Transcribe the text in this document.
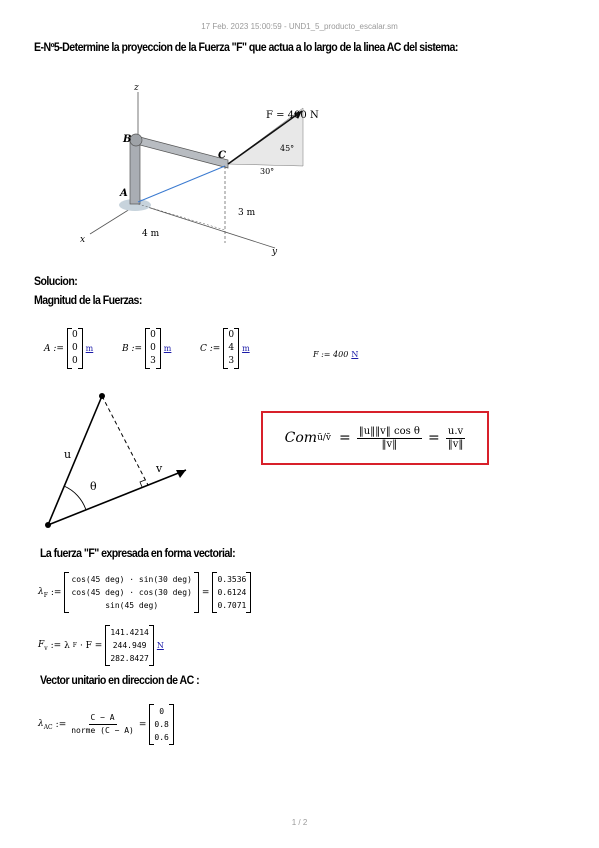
17 Feb. 2023 15:00:59 - UND1_5_producto_escalar.sm
E-Nº5-Determine la proyeccion de la Fuerza "F" que actua a lo largo de la linea AC del sistema:
z
x
y
F = 400 N
45°
30°
3 m
4 m
A
B
C
Solucion:
Magnitud de la Fuerzas:
A :=
0
0
0
m	B :=
0
0
3
m	C :=
0
4
3
m
F := 400 N
u
v
θ
Com ū/v̄ = $\frac{\text{‖u‖‖v‖ cos θ}}{‖v‖} = \frac{u.v}{‖v‖}$
La fuerza "F" expresada en forma vectorial:
$\lambda_F$ :=
cos(45 deg) · sin(30 deg)
cos(45 deg) · cos(30 deg)
sin(45 deg)
=
0.3536
0.6124
0.7071
$F_v$ := λ F · F =
141.4214
244.949
282.8427
N
Vector unitario en direccion de AC :
$\lambda_{AC}$ := $\frac{C - A}{\text{norme (C − A)}}$ =
0
0.8
0.6
1 / 2
